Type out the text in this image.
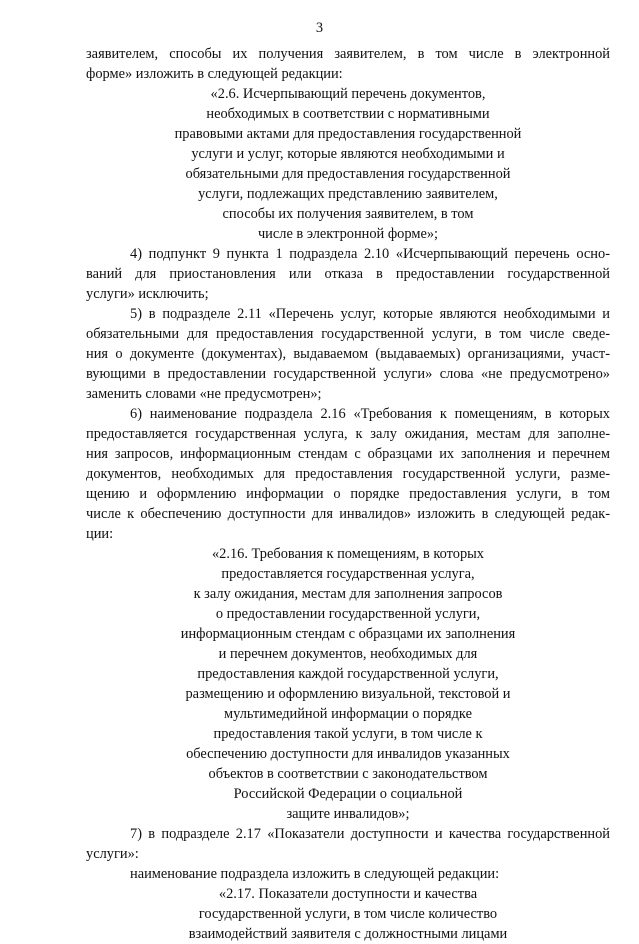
3
заявителем, способы их получения заявителем, в том числе в электронной
форме» изложить в следующей редакции:
«2.6. Исчерпывающий перечень документов,
необходимых в соответствии с нормативными
правовыми актами для предоставления государственной
услуги и услуг, которые являются необходимыми и
обязательными для предоставления государственной
услуги, подлежащих представлению заявителем,
способы их получения заявителем, в том
числе в электронной форме»;
4) подпункт 9 пункта 1 подраздела 2.10 «Исчерпывающий перечень осно-
ваний для приостановления или отказа в предоставлении государственной
услуги» исключить;
5) в подразделе 2.11 «Перечень услуг, которые являются необходимыми и
обязательными для предоставления государственной услуги, в том числе сведе-
ния о документе (документах), выдаваемом (выдаваемых) организациями, участ-
вующими в предоставлении государственной услуги» слова «не предусмотрено»
заменить словами «не предусмотрен»;
6) наименование подраздела 2.16 «Требования к помещениям, в которых
предоставляется государственная услуга, к залу ожидания, местам для заполне-
ния запросов, информационным стендам с образцами их заполнения и перечнем
документов, необходимых для предоставления государственной услуги, разме-
щению и оформлению информации о порядке предоставления услуги, в том
числе к обеспечению доступности для инвалидов» изложить в следующей редак-
ции:
«2.16. Требования к помещениям, в которых
предоставляется государственная услуга,
к залу ожидания, местам для заполнения запросов
о предоставлении государственной услуги,
информационным стендам с образцами их заполнения
и перечнем документов, необходимых для
предоставления каждой государственной услуги,
размещению и оформлению визуальной, текстовой и
мультимедийной информации о порядке
предоставления такой услуги, в том числе к
обеспечению доступности для инвалидов указанных
объектов в соответствии с законодательством
Российской Федерации о социальной
защите инвалидов»;
7) в подразделе 2.17 «Показатели доступности и качества государственной
услуги»:
наименование подраздела изложить в следующей редакции:
«2.17. Показатели доступности и качества
государственной услуги, в том числе количество
взаимодействий заявителя с должностными лицами
